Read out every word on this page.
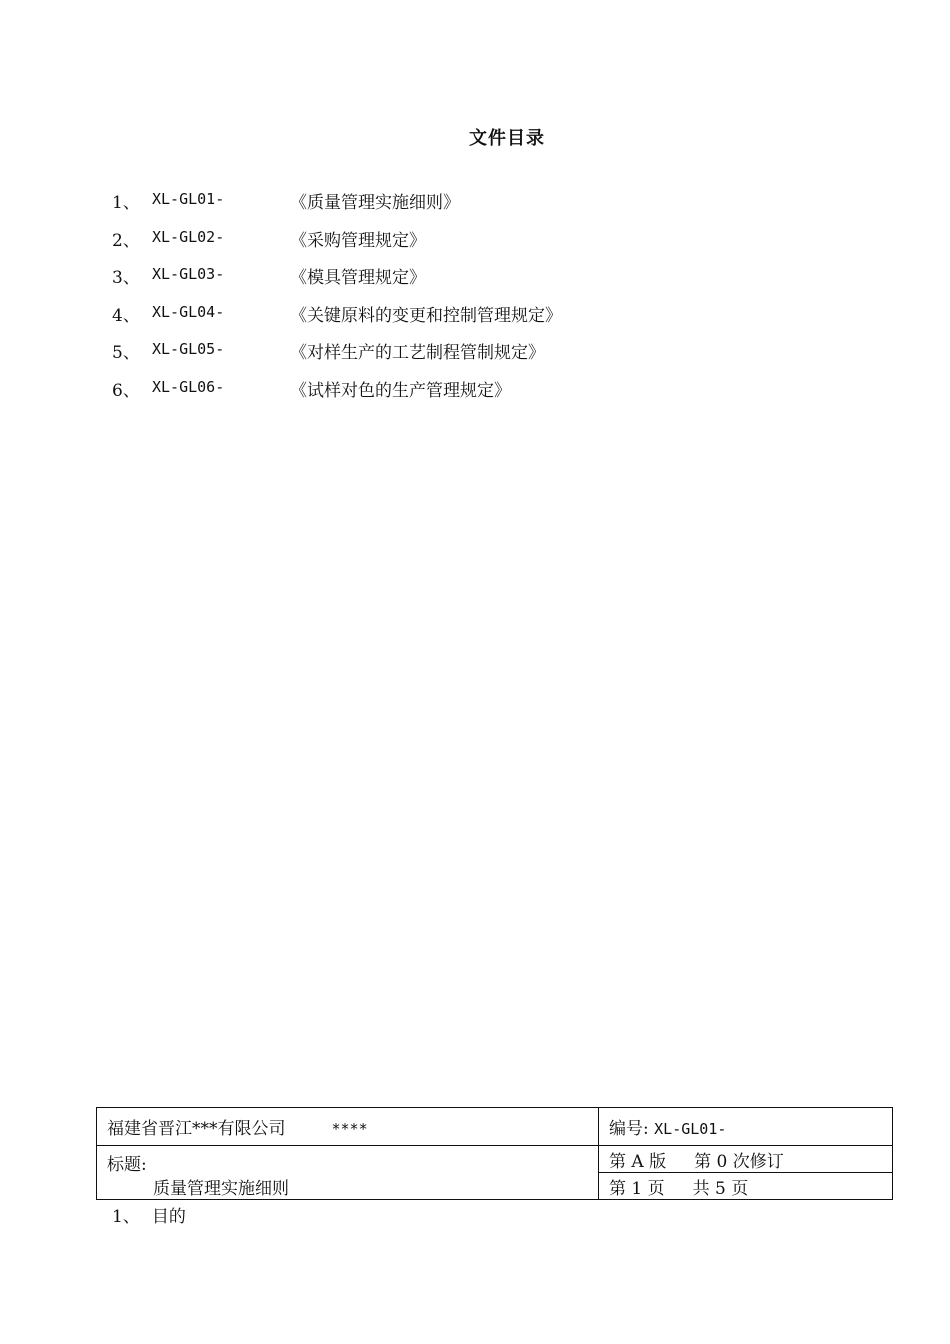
文件目录
1、 XL-GL01-	《质量管理实施细则》
2、 XL-GL02-	《采购管理规定》
3、 XL-GL03-	《模具管理规定》
4、 XL-GL04-	《关键原料的变更和控制管理规定》
5、 XL-GL05-	《对样生产的工艺制程管制规定》
6、 XL-GL06-	《试样对色的生产管理规定》
福建省晋江***有限公司 ****	编号: XL-GL01-

标题:
质量管理实施细则	第 A 版 第 0 次修订
	第 1 页 共 5 页
1、 目的
